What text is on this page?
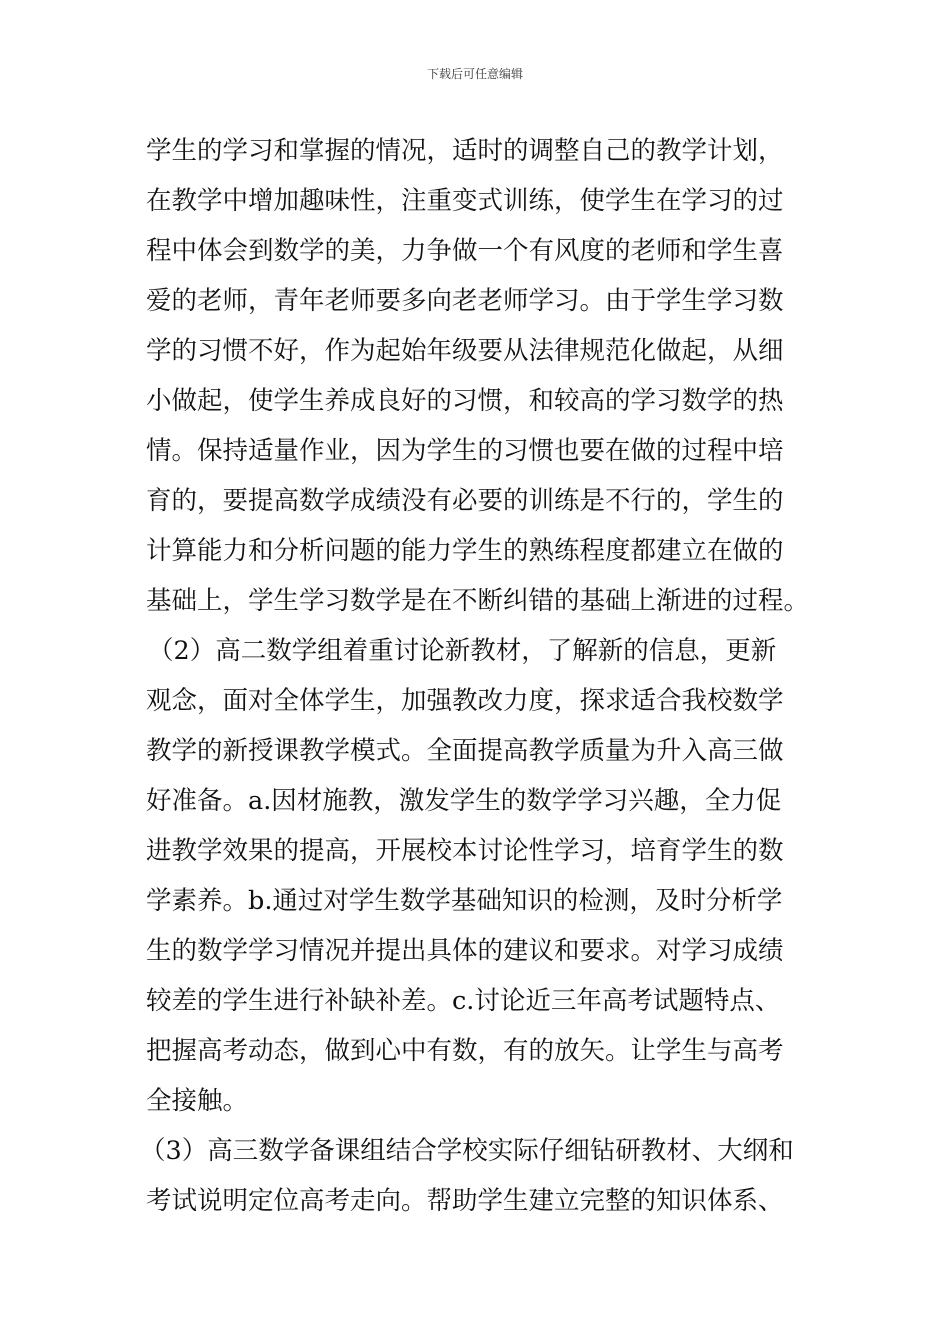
下载后可任意编辑
学生的学习和掌握的情况，适时的调整自己的教学计划，
在教学中增加趣味性，注重变式训练，使学生在学习的过
程中体会到数学的美，力争做一个有风度的老师和学生喜
爱的老师，青年老师要多向老老师学习。由于学生学习数
学的习惯不好，作为起始年级要从法律规范化做起，从细
小做起，使学生养成良好的习惯，和较高的学习数学的热
情。保持适量作业，因为学生的习惯也要在做的过程中培
育的，要提高数学成绩没有必要的训练是不行的，学生的
计算能力和分析问题的能力学生的熟练程度都建立在做的
基础上，学生学习数学是在不断纠错的基础上渐进的过程。
（2）高二数学组着重讨论新教材，了解新的信息，更新
观念，面对全体学生，加强教改力度，探求适合我校数学
教学的新授课教学模式。全面提高教学质量为升入高三做
好准备。a.因材施教，激发学生的数学学习兴趣，全力促
进教学效果的提高，开展校本讨论性学习，培育学生的数
学素养。b.通过对学生数学基础知识的检测，及时分析学
生的数学学习情况并提出具体的建议和要求。对学习成绩
较差的学生进行补缺补差。c.讨论近三年高考试题特点、
把握高考动态，做到心中有数，有的放矢。让学生与高考
全接触。
（3）高三数学备课组结合学校实际仔细钻研教材、大纲和
考试说明定位高考走向。帮助学生建立完整的知识体系、
